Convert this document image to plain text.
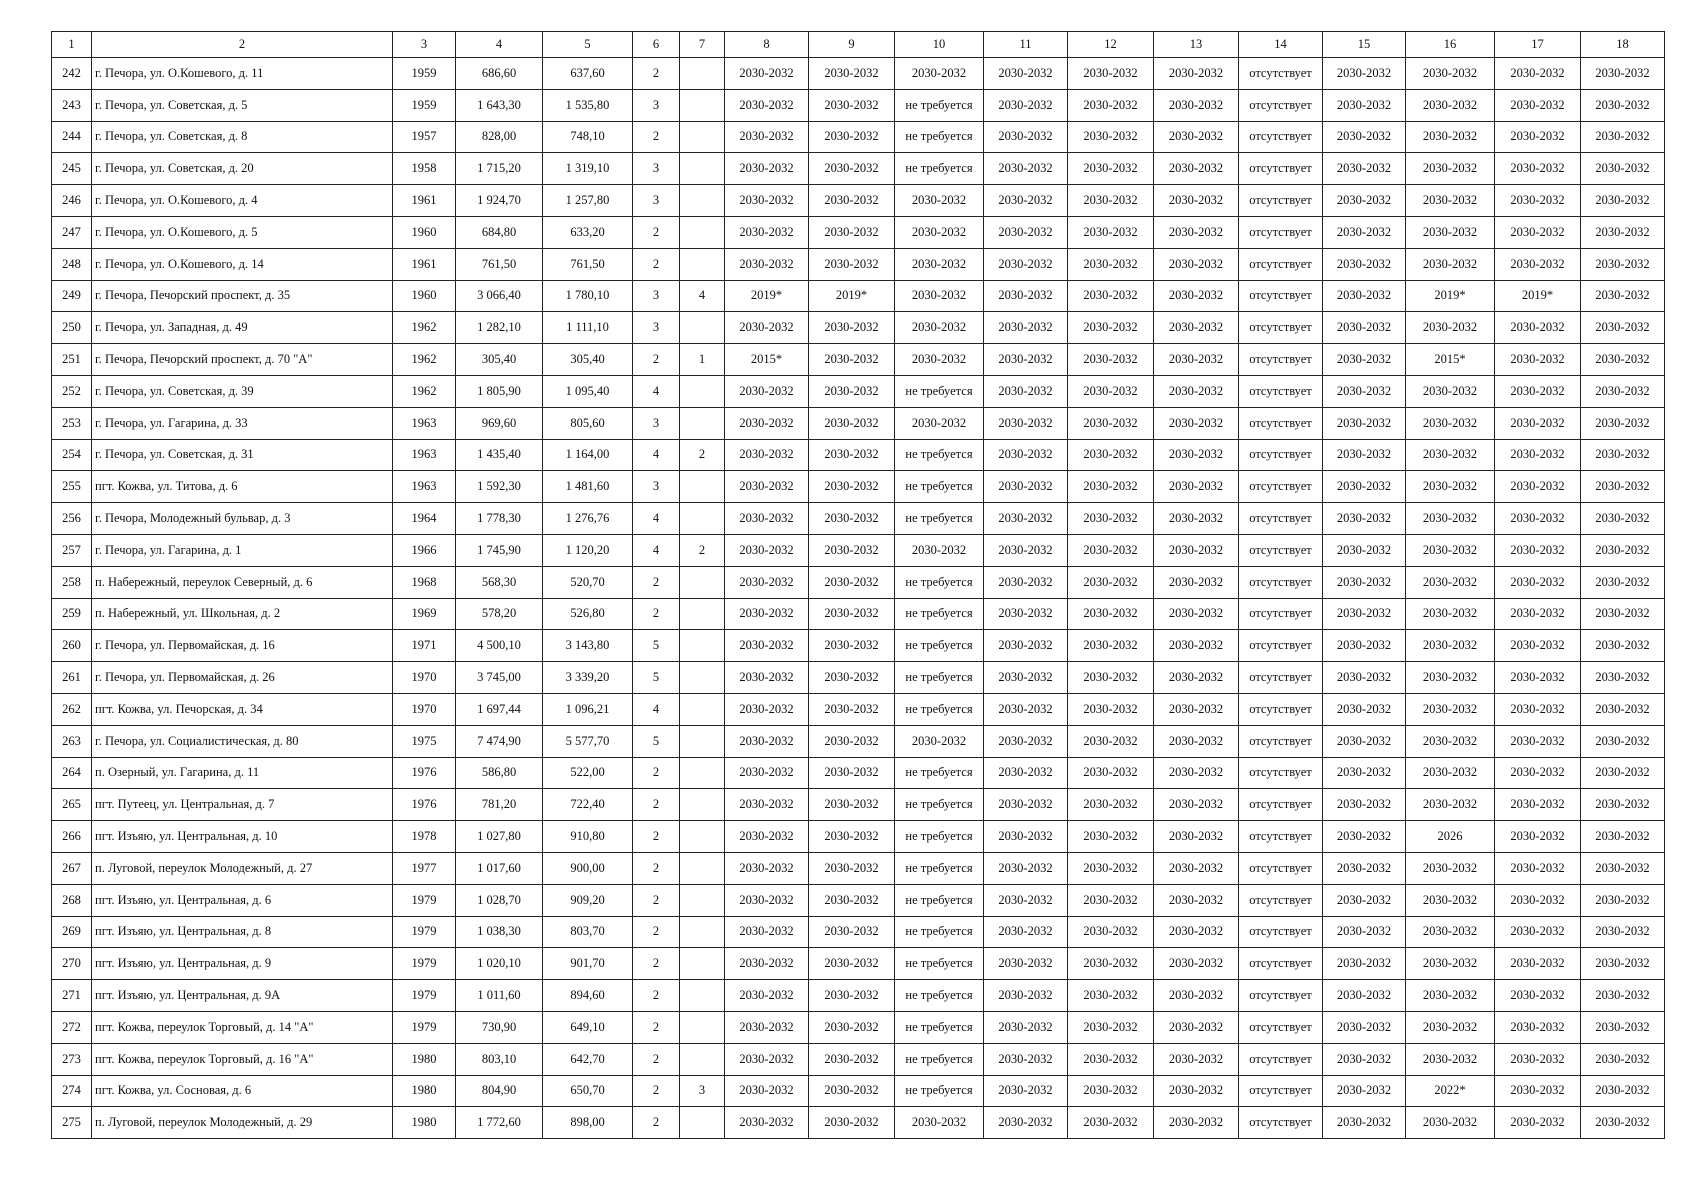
1	2	3	4	5	6	7	8	9	10	11	12	13	14	15	16	17	18
242	г. Печора, ул. О.Кошевого, д. 11	1959	686,60	637,60	2		2030-2032	2030-2032	2030-2032	2030-2032	2030-2032	2030-2032	отсутствует	2030-2032	2030-2032	2030-2032	2030-2032
243	г. Печора, ул. Советская, д. 5	1959	1 643,30	1 535,80	3		2030-2032	2030-2032	не требуется	2030-2032	2030-2032	2030-2032	отсутствует	2030-2032	2030-2032	2030-2032	2030-2032
244	г. Печора, ул. Советская, д. 8	1957	828,00	748,10	2		2030-2032	2030-2032	не требуется	2030-2032	2030-2032	2030-2032	отсутствует	2030-2032	2030-2032	2030-2032	2030-2032
245	г. Печора, ул. Советская, д. 20	1958	1 715,20	1 319,10	3		2030-2032	2030-2032	не требуется	2030-2032	2030-2032	2030-2032	отсутствует	2030-2032	2030-2032	2030-2032	2030-2032
246	г. Печора, ул. О.Кошевого, д. 4	1961	1 924,70	1 257,80	3		2030-2032	2030-2032	2030-2032	2030-2032	2030-2032	2030-2032	отсутствует	2030-2032	2030-2032	2030-2032	2030-2032
247	г. Печора, ул. О.Кошевого, д. 5	1960	684,80	633,20	2		2030-2032	2030-2032	2030-2032	2030-2032	2030-2032	2030-2032	отсутствует	2030-2032	2030-2032	2030-2032	2030-2032
248	г. Печора, ул. О.Кошевого, д. 14	1961	761,50	761,50	2		2030-2032	2030-2032	2030-2032	2030-2032	2030-2032	2030-2032	отсутствует	2030-2032	2030-2032	2030-2032	2030-2032
249	г. Печора, Печорский проспект, д. 35	1960	3 066,40	1 780,10	3	4	2019*	2019*	2030-2032	2030-2032	2030-2032	2030-2032	отсутствует	2030-2032	2019*	2019*	2030-2032
250	г. Печора, ул. Западная, д. 49	1962	1 282,10	1 111,10	3		2030-2032	2030-2032	2030-2032	2030-2032	2030-2032	2030-2032	отсутствует	2030-2032	2030-2032	2030-2032	2030-2032
251	г. Печора, Печорский проспект, д. 70 "А"	1962	305,40	305,40	2	1	2015*	2030-2032	2030-2032	2030-2032	2030-2032	2030-2032	отсутствует	2030-2032	2015*	2030-2032	2030-2032
252	г. Печора, ул. Советская, д. 39	1962	1 805,90	1 095,40	4		2030-2032	2030-2032	не требуется	2030-2032	2030-2032	2030-2032	отсутствует	2030-2032	2030-2032	2030-2032	2030-2032
253	г. Печора, ул. Гагарина, д. 33	1963	969,60	805,60	3		2030-2032	2030-2032	2030-2032	2030-2032	2030-2032	2030-2032	отсутствует	2030-2032	2030-2032	2030-2032	2030-2032
254	г. Печора, ул. Советская, д. 31	1963	1 435,40	1 164,00	4	2	2030-2032	2030-2032	не требуется	2030-2032	2030-2032	2030-2032	отсутствует	2030-2032	2030-2032	2030-2032	2030-2032
255	пгт. Кожва, ул. Титова, д. 6	1963	1 592,30	1 481,60	3		2030-2032	2030-2032	не требуется	2030-2032	2030-2032	2030-2032	отсутствует	2030-2032	2030-2032	2030-2032	2030-2032
256	г. Печора, Молодежный бульвар, д. 3	1964	1 778,30	1 276,76	4		2030-2032	2030-2032	не требуется	2030-2032	2030-2032	2030-2032	отсутствует	2030-2032	2030-2032	2030-2032	2030-2032
257	г. Печора, ул. Гагарина, д. 1	1966	1 745,90	1 120,20	4	2	2030-2032	2030-2032	2030-2032	2030-2032	2030-2032	2030-2032	отсутствует	2030-2032	2030-2032	2030-2032	2030-2032
258	п. Набережный, переулок Северный, д. 6	1968	568,30	520,70	2		2030-2032	2030-2032	не требуется	2030-2032	2030-2032	2030-2032	отсутствует	2030-2032	2030-2032	2030-2032	2030-2032
259	п. Набережный, ул. Школьная, д. 2	1969	578,20	526,80	2		2030-2032	2030-2032	не требуется	2030-2032	2030-2032	2030-2032	отсутствует	2030-2032	2030-2032	2030-2032	2030-2032
260	г. Печора, ул. Первомайская, д. 16	1971	4 500,10	3 143,80	5		2030-2032	2030-2032	не требуется	2030-2032	2030-2032	2030-2032	отсутствует	2030-2032	2030-2032	2030-2032	2030-2032
261	г. Печора, ул. Первомайская, д. 26	1970	3 745,00	3 339,20	5		2030-2032	2030-2032	не требуется	2030-2032	2030-2032	2030-2032	отсутствует	2030-2032	2030-2032	2030-2032	2030-2032
262	пгт. Кожва, ул. Печорская, д. 34	1970	1 697,44	1 096,21	4		2030-2032	2030-2032	не требуется	2030-2032	2030-2032	2030-2032	отсутствует	2030-2032	2030-2032	2030-2032	2030-2032
263	г. Печора, ул. Социалистическая, д. 80	1975	7 474,90	5 577,70	5		2030-2032	2030-2032	2030-2032	2030-2032	2030-2032	2030-2032	отсутствует	2030-2032	2030-2032	2030-2032	2030-2032
264	п. Озерный, ул. Гагарина, д. 11	1976	586,80	522,00	2		2030-2032	2030-2032	не требуется	2030-2032	2030-2032	2030-2032	отсутствует	2030-2032	2030-2032	2030-2032	2030-2032
265	пгт. Путеец, ул. Центральная, д. 7	1976	781,20	722,40	2		2030-2032	2030-2032	не требуется	2030-2032	2030-2032	2030-2032	отсутствует	2030-2032	2030-2032	2030-2032	2030-2032
266	пгт. Изъяю, ул. Центральная, д. 10	1978	1 027,80	910,80	2		2030-2032	2030-2032	не требуется	2030-2032	2030-2032	2030-2032	отсутствует	2030-2032	2026	2030-2032	2030-2032
267	п. Луговой, переулок Молодежный, д. 27	1977	1 017,60	900,00	2		2030-2032	2030-2032	не требуется	2030-2032	2030-2032	2030-2032	отсутствует	2030-2032	2030-2032	2030-2032	2030-2032
268	пгт. Изъяю, ул. Центральная, д. 6	1979	1 028,70	909,20	2		2030-2032	2030-2032	не требуется	2030-2032	2030-2032	2030-2032	отсутствует	2030-2032	2030-2032	2030-2032	2030-2032
269	пгт. Изъяю, ул. Центральная, д. 8	1979	1 038,30	803,70	2		2030-2032	2030-2032	не требуется	2030-2032	2030-2032	2030-2032	отсутствует	2030-2032	2030-2032	2030-2032	2030-2032
270	пгт. Изъяю, ул. Центральная, д. 9	1979	1 020,10	901,70	2		2030-2032	2030-2032	не требуется	2030-2032	2030-2032	2030-2032	отсутствует	2030-2032	2030-2032	2030-2032	2030-2032
271	пгт. Изъяю, ул. Центральная, д. 9А	1979	1 011,60	894,60	2		2030-2032	2030-2032	не требуется	2030-2032	2030-2032	2030-2032	отсутствует	2030-2032	2030-2032	2030-2032	2030-2032
272	пгт. Кожва, переулок Торговый, д. 14 "А"	1979	730,90	649,10	2		2030-2032	2030-2032	не требуется	2030-2032	2030-2032	2030-2032	отсутствует	2030-2032	2030-2032	2030-2032	2030-2032
273	пгт. Кожва, переулок Торговый, д. 16 "А"	1980	803,10	642,70	2		2030-2032	2030-2032	не требуется	2030-2032	2030-2032	2030-2032	отсутствует	2030-2032	2030-2032	2030-2032	2030-2032
274	пгт. Кожва, ул. Сосновая, д. 6	1980	804,90	650,70	2	3	2030-2032	2030-2032	не требуется	2030-2032	2030-2032	2030-2032	отсутствует	2030-2032	2022*	2030-2032	2030-2032
275	п. Луговой, переулок Молодежный, д. 29	1980	1 772,60	898,00	2		2030-2032	2030-2032	2030-2032	2030-2032	2030-2032	2030-2032	отсутствует	2030-2032	2030-2032	2030-2032	2030-2032
